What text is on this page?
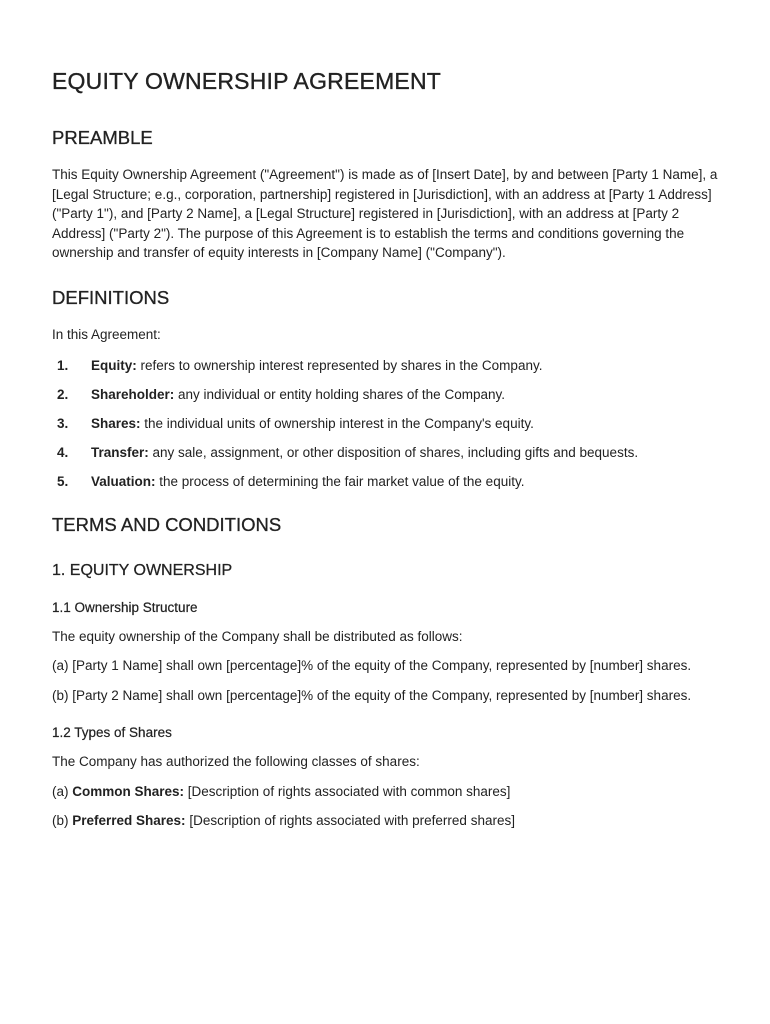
EQUITY OWNERSHIP AGREEMENT
PREAMBLE

This Equity Ownership Agreement ("Agreement") is made as of [Insert Date], by and between [Party 1 Name], a [Legal Structure; e.g., corporation, partnership] registered in [Jurisdiction], with an address at [Party 1 Address] ("Party 1"), and [Party 2 Name], a [Legal Structure] registered in [Jurisdiction], with an address at [Party 2 Address] ("Party 2"). The purpose of this Agreement is to establish the terms and conditions governing the ownership and transfer of equity interests in [Company Name] ("Company").

DEFINITIONS

In this Agreement:

1.	Equity: refers to ownership interest represented by shares in the Company.
2.	Shareholder: any individual or entity holding shares of the Company.
3.	Shares: the individual units of ownership interest in the Company's equity.
4.	Transfer: any sale, assignment, or other disposition of shares, including gifts and bequests.
5.	Valuation: the process of determining the fair market value of the equity.
TERMS AND CONDITIONS
1. EQUITY OWNERSHIP
1.1 Ownership Structure

The equity ownership of the Company shall be distributed as follows:

(a) [Party 1 Name] shall own [percentage]% of the equity of the Company, represented by [number] shares.

(b) [Party 2 Name] shall own [percentage]% of the equity of the Company, represented by [number] shares.

1.2 Types of Shares

The Company has authorized the following classes of shares:

(a) Common Shares: [Description of rights associated with common shares]

(b) Preferred Shares: [Description of rights associated with preferred shares]
